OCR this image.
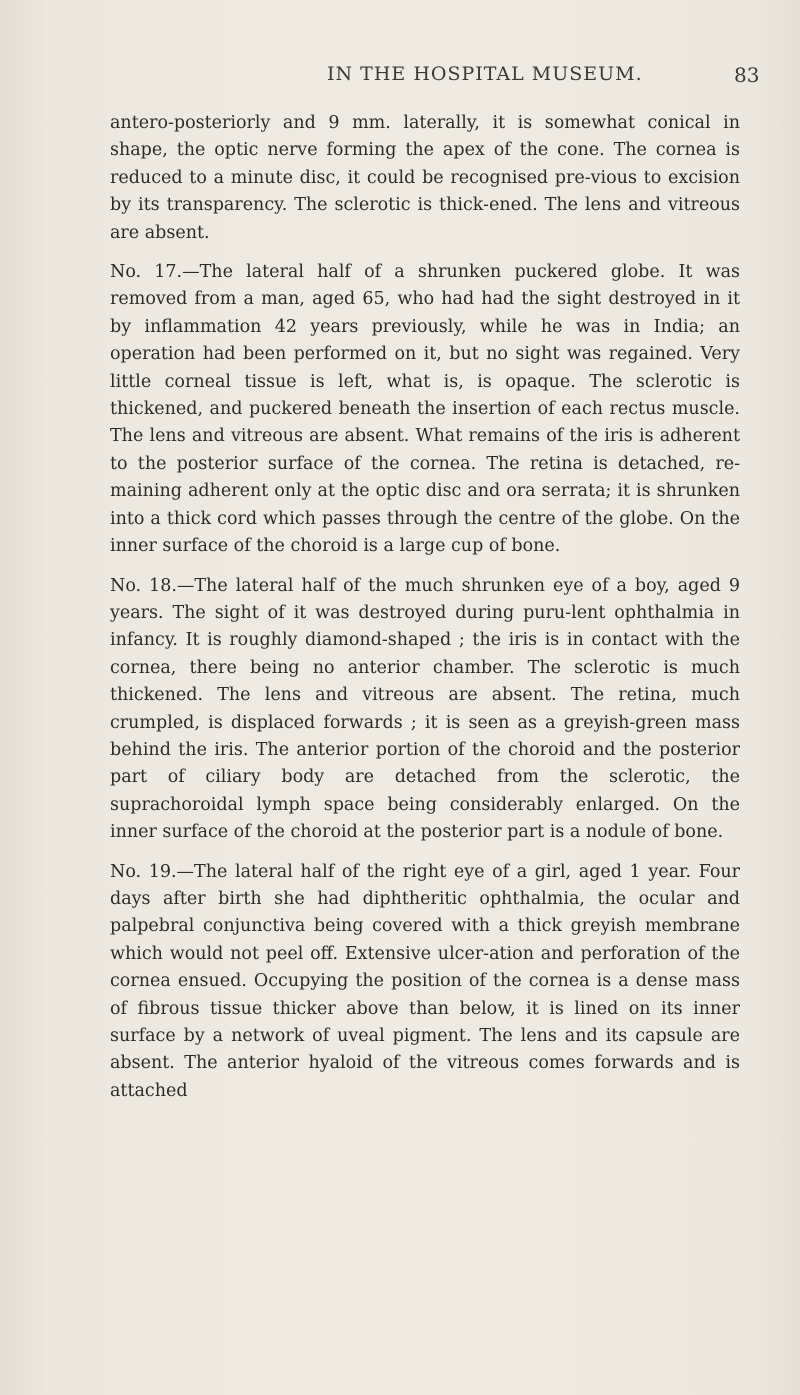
IN THE HOSPITAL MUSEUM.	83

antero-posteriorly and 9 mm. laterally, it is somewhat conical in shape, the optic nerve forming the apex of the cone. The cornea is reduced to a minute disc, it could be recognised pre-vious to excision by its transparency. The sclerotic is thick-ened. The lens and vitreous are absent.

No. 17.—The lateral half of a shrunken puckered globe. It was removed from a man, aged 65, who had had the sight destroyed in it by inflammation 42 years previously, while he was in India; an operation had been performed on it, but no sight was regained. Very little corneal tissue is left, what is, is opaque. The sclerotic is thickened, and puckered beneath the insertion of each rectus muscle. The lens and vitreous are absent. What remains of the iris is adherent to the posterior surface of the cornea. The retina is detached, re-maining adherent only at the optic disc and ora serrata; it is shrunken into a thick cord which passes through the centre of the globe. On the inner surface of the choroid is a large cup of bone.

No. 18.—The lateral half of the much shrunken eye of a boy, aged 9 years. The sight of it was destroyed during puru-lent ophthalmia in infancy. It is roughly diamond-shaped ; the iris is in contact with the cornea, there being no anterior chamber. The sclerotic is much thickened. The lens and vitreous are absent. The retina, much crumpled, is displaced forwards ; it is seen as a greyish-green mass behind the iris. The anterior portion of the choroid and the posterior part of ciliary body are detached from the sclerotic, the suprachoroidal lymph space being considerably enlarged. On the inner surface of the choroid at the posterior part is a nodule of bone.

No. 19.—The lateral half of the right eye of a girl, aged 1 year. Four days after birth she had diphtheritic ophthalmia, the ocular and palpebral conjunctiva being covered with a thick greyish membrane which would not peel off. Extensive ulcer-ation and perforation of the cornea ensued. Occupying the position of the cornea is a dense mass of fibrous tissue thicker above than below, it is lined on its inner surface by a network of uveal pigment. The lens and its capsule are absent. The anterior hyaloid of the vitreous comes forwards and is attached
